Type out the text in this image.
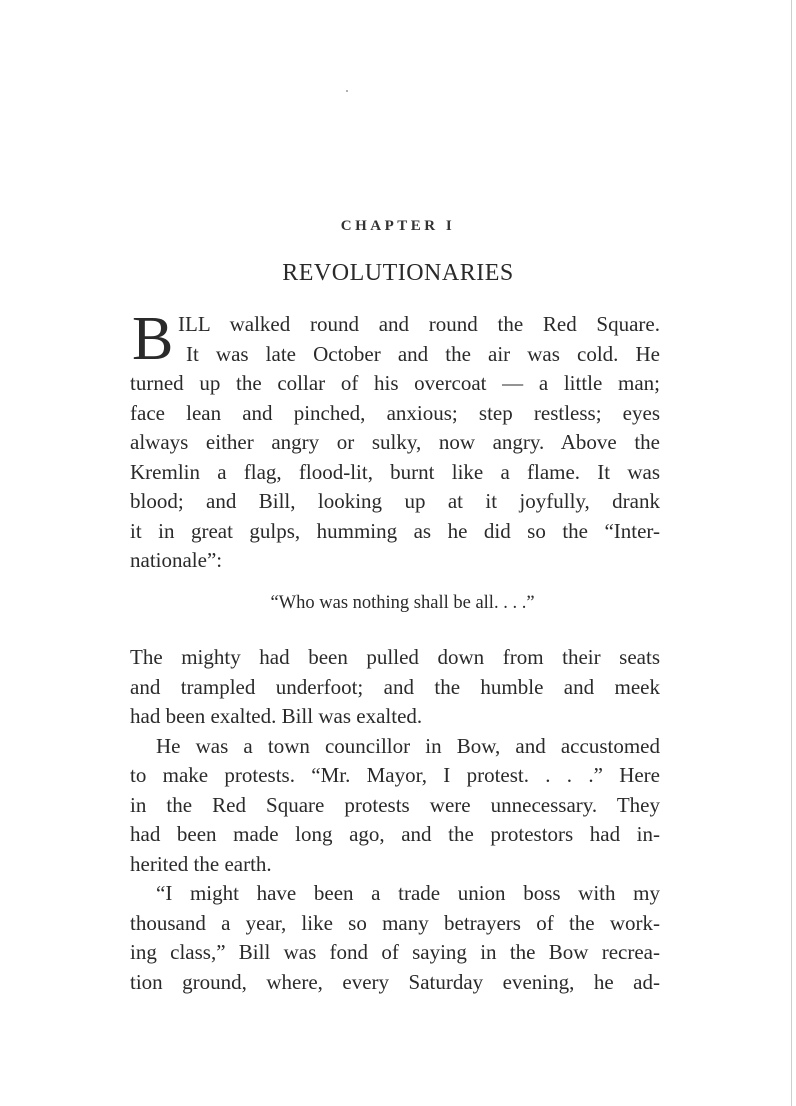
CHAPTER I
REVOLUTIONARIES
B ILL walked round and round the Red Square.
It was late October and the air was cold. He
turned up the collar of his overcoat — a little man;
face lean and pinched, anxious; step restless; eyes
always either angry or sulky, now angry. Above the
Kremlin a flag, flood-lit, burnt like a flame. It was
blood; and Bill, looking up at it joyfully, drank
it in great gulps, humming as he did so the “Inter-
nationale”:
“Who was nothing shall be all. . . .”
The mighty had been pulled down from their seats
and trampled underfoot; and the humble and meek
had been exalted. Bill was exalted.
He was a town councillor in Bow, and accustomed
to make protests. “Mr. Mayor, I protest. . . .” Here
in the Red Square protests were unnecessary. They
had been made long ago, and the protestors had in-
herited the earth.
“I might have been a trade union boss with my
thousand a year, like so many betrayers of the work-
ing class,” Bill was fond of saying in the Bow recrea-
tion ground, where, every Saturday evening, he ad-
